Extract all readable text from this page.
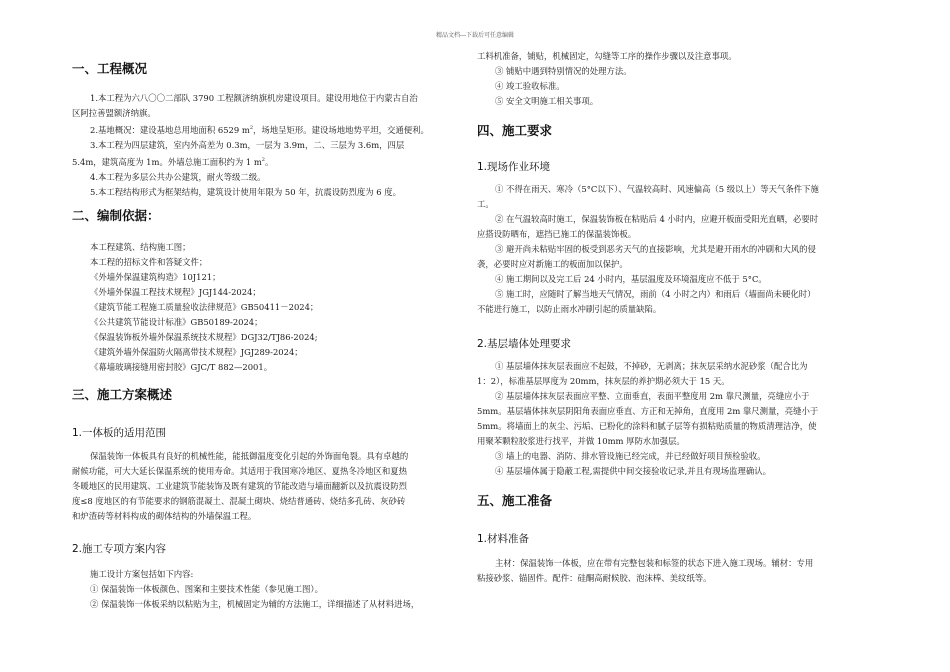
精品文档---下载后可任意编辑
一、工程概况
1.本工程为六八〇〇二部队 3790 工程额济纳旗机房建设项目。建设用地位于内蒙古自治
区阿拉善盟额济纳旗。
2.基地概况：建设基地总用地面积 6529 $m^2$，场地呈矩形。建设场地地势平坦，交通便利。
3.本工程为四层建筑，室内外高差为 0.3m，一层为 3.9m，二、三层为 3.6m，四层
5.4m，建筑高度为 1m。外墙总施工面积约为 1 $m^2$。
4.本工程为多层公共办公建筑，耐火等级二级。
5.本工程结构形式为框架结构，建筑设计使用年限为 50 年，抗震设防烈度为 6 度。
二、编制依据：
本工程建筑、结构施工图；
本工程的招标文件和答疑文件；
《外墙外保温建筑构造》10J121；
《外墙外保温工程技术规程》JGJ144-2024；
《建筑节能工程施工质量验收法律规范》GB50411－2024；
《公共建筑节能设计标准》GB50189-2024；
《保温装饰板外墙外保温系统技术规程》DGJ32/TJ86-2024;
《建筑外墙外保温防火隔离带技术规程》JGJ289-2024；
《幕墙玻璃接缝用密封胶》GJC/T 882—2001。
三、施工方案概述
1.一体板的适用范围
保温装饰一体板具有良好的机械性能，能抵御温度变化引起的外饰面龟裂。具有卓越的
耐候功能，可大大延长保温系统的使用寿命。其适用于我国寒冷地区、夏热冬冷地区和夏热
冬暖地区的民用建筑、工业建筑节能装饰及既有建筑的节能改造与墙面翻新以及抗震设防烈
度≤8 度地区的有节能要求的钢筋混凝土、混凝土砌块、烧结普通砖、烧结多孔砖、灰砂砖
和炉渣砖等材料构成的砌体结构的外墙保温工程。
2.施工专项方案内容
施工设计方案包括如下内容:
① 保温装饰一体板颜色、图案和主要技术性能（参见施工图）。
② 保温装饰一体板采纳以粘贴为主，机械固定为辅的方法施工，详细描述了从材料进场，
工料机准备，铺贴，机械固定，勾缝等工序的操作步骤以及注意事项。
③ 铺贴中遇到特别情况的处理方法。
④ 竣工验收标准。
⑤ 安全文明施工相关事项。
四、施工要求
1.现场作业环境
① 不得在雨天、寒冷（5°C以下）、气温较高时、风速偏高（5 级以上）等天气条件下施
工。
② 在气温较高时施工，保温装饰板在粘贴后 4 小时内，应避开板面受阳光直晒，必要时
应搭设防晒布，遮挡已施工的保温装饰板。
③ 避开尚未粘贴牢固的板受到恶劣天气的直接影响，尤其是避开雨水的冲刷和大风的侵
袭，必要时应对新施工的板面加以保护。
④ 施工期间以及完工后 24 小时内，基层温度及环境温度应不低于 5°C。
⑤ 施工时，应随时了解当地天气情况，雨前（4 小时之内）和雨后（墙面尚未硬化时）
不能进行施工，以防止雨水冲刷引起的质量缺陷。
2.基层墙体处理要求
① 基层墙体抹灰层表面应不起鼓，不掉砂，无剥离；抹灰层采纳水泥砂浆（配合比为
1：2），标准基层厚度为 20mm，抹灰层的养护期必须大于 15 天。
② 基层墙体抹灰层表面应平整、立面垂直，表面平整度用 2m 靠尺测量，亮缝应小于
5mm。基层墙体抹灰层阴阳角表面应垂直、方正和无掉角，直度用 2m 靠尺测量，亮缝小于
5mm。将墙面上的灰尘、污垢、已粉化的涂料和腻子层等有损粘贴质量的物质清理洁净，使
用聚苯颗粒胶浆进行找平，并做 10mm 厚防水加强层。
③ 墙上的电器、消防、排水管设施已经完成，并已经做好项目预检验收。
④ 基层墙体属于隐蔽工程,需提供中间交接验收记录,并且有现场监理确认。
五、施工准备
1.材料准备
主材：保温装饰一体板，应在带有完整包装和标签的状态下进入施工现场。辅材：专用
粘接砂浆、锚固件。配件：硅酮高耐候胶、泡沫棒、美纹纸等。
